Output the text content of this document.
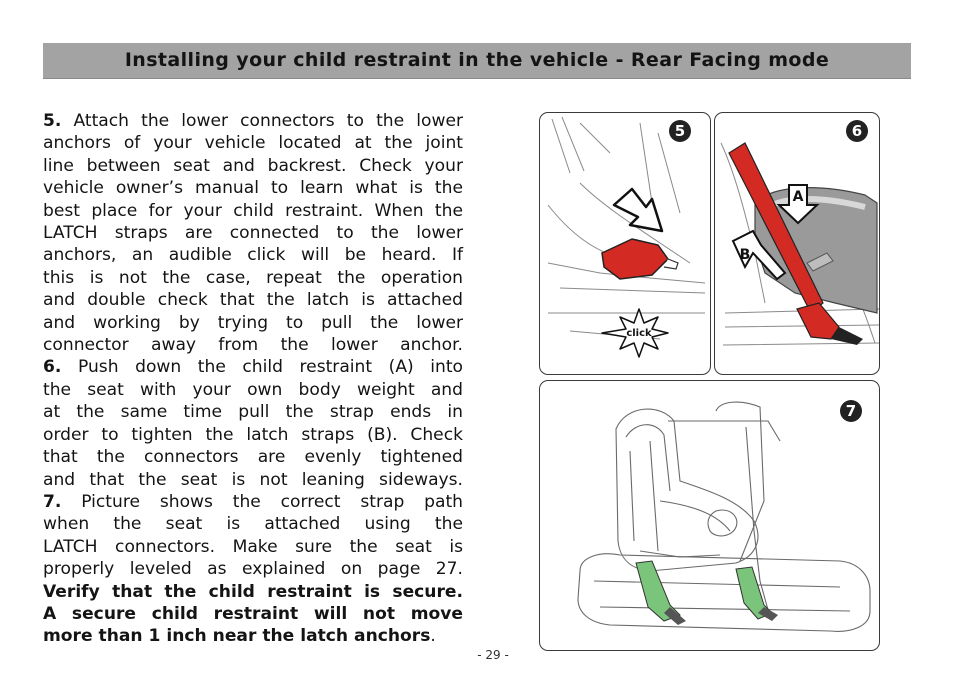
Installing your child restraint in the vehicle - Rear Facing mode
5. Attach the lower connectors to the lower
anchors of your vehicle located at the joint
line between seat and backrest. Check your
vehicle owner’s manual to learn what is the
best place for your child restraint. When the
LATCH straps are connected to the lower
anchors, an audible click will be heard. If
this is not the case, repeat the operation
and double check that the latch is attached
and working by trying to pull the lower
connector away from the lower anchor.
6. Push down the child restraint (A) into
the seat with your own body weight and
at the same time pull the strap ends in
order to tighten the latch straps (B). Check
that the connectors are evenly tightened
and that the seat is not leaning sideways.
7. Picture shows the correct strap path
when the seat is attached using the
LATCH connectors. Make sure the seat is
properly leveled as explained on page 27.
Verify that the child restraint is secure.
A secure child restraint will not move
more than 1 inch near the latch anchors.
click
5
A
B
6
7
- 29 -
